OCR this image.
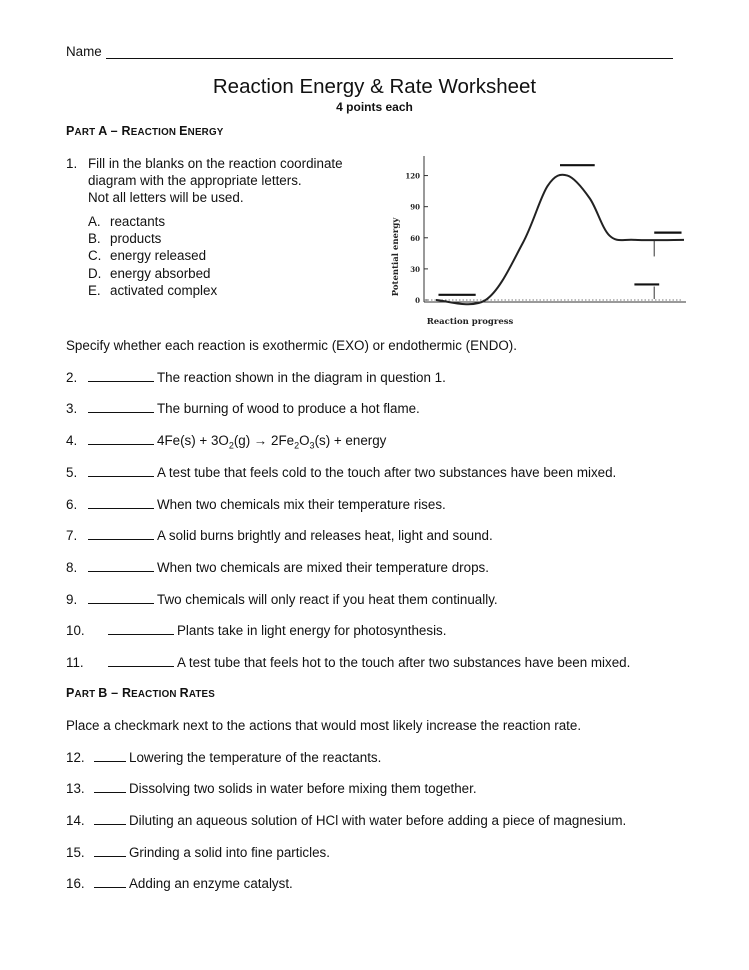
Name
Reaction Energy & Rate Worksheet
4 points each
PART A – REACTION ENERGY
1. Fill in the blanks on the reaction coordinate
diagram with the appropriate letters.
Not all letters will be used.
A. reactants
B. products
C. energy released
D. energy absorbed
E. activated complex
0
30
60
90
120
Potential energy
Reaction progress
Specify whether each reaction is exothermic (EXO) or endothermic (ENDO).
2.	The reaction shown in the diagram in question 1.
3.	The burning of wood to produce a hot flame.
4.	$4Fe(s) + 3O_2(g) \to 2Fe_2O_3(s)$ + energy
5.	A test tube that feels cold to the touch after two substances have been mixed.
6.	When two chemicals mix their temperature rises.
7.	A solid burns brightly and releases heat, light and sound.
8.	When two chemicals are mixed their temperature drops.
9.	Two chemicals will only react if you heat them continually.
10.	Plants take in light energy for photosynthesis.
11.	A test tube that feels hot to the touch after two substances have been mixed.
PART B – REACTION RATES
Place a checkmark next to the actions that would most likely increase the reaction rate.
12.	Lowering the temperature of the reactants.
13.	Dissolving two solids in water before mixing them together.
14.	Diluting an aqueous solution of HCl with water before adding a piece of magnesium.
15.	Grinding a solid into fine particles.
16.	Adding an enzyme catalyst.
